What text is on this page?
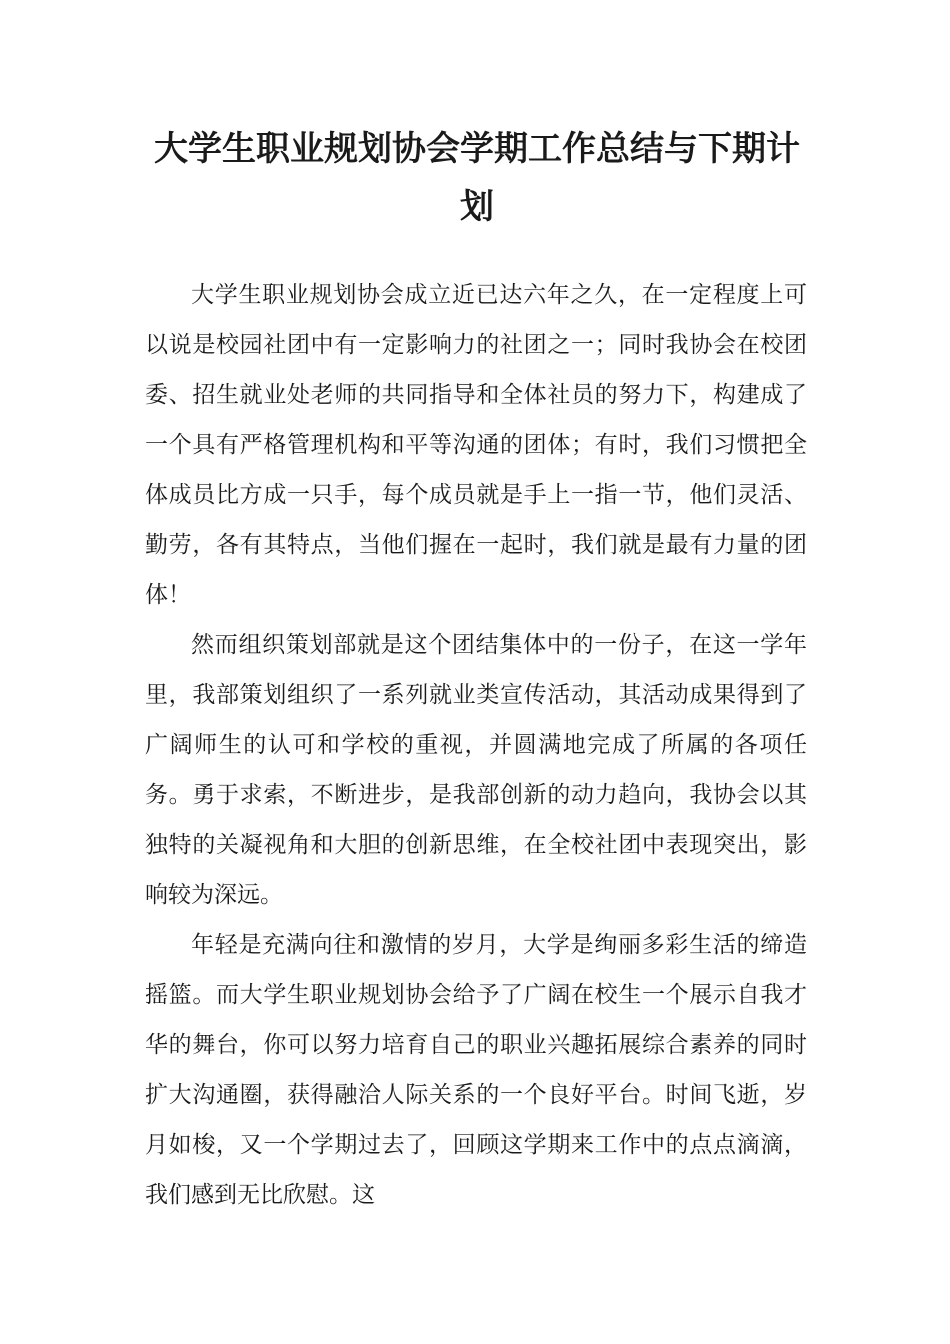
大学生职业规划协会学期工作总结与下期计划

大学生职业规划协会成立近已达六年之久，在一定程度上可以说是校园社团中有一定影响力的社团之一；同时我协会在校团委、招生就业处老师的共同指导和全体社员的努力下，构建成了一个具有严格管理机构和平等沟通的团体；有时，我们习惯把全体成员比方成一只手，每个成员就是手上一指一节，他们灵活、勤劳，各有其特点，当他们握在一起时，我们就是最有力量的团体！

然而组织策划部就是这个团结集体中的一份子，在这一学年里，我部策划组织了一系列就业类宣传活动，其活动成果得到了广阔师生的认可和学校的重视，并圆满地完成了所属的各项任务。勇于求索，不断进步，是我部创新的动力趋向，我协会以其独特的关凝视角和大胆的创新思维，在全校社团中表现突出，影响较为深远。

年轻是充满向往和激情的岁月，大学是绚丽多彩生活的缔造摇篮。而大学生职业规划协会给予了广阔在校生一个展示自我才华的舞台，你可以努力培育自己的职业兴趣拓展综合素养的同时扩大沟通圈，获得融洽人际关系的一个良好平台。时间飞逝，岁月如梭，又一个学期过去了，回顾这学期来工作中的点点滴滴，我们感到无比欣慰。这
